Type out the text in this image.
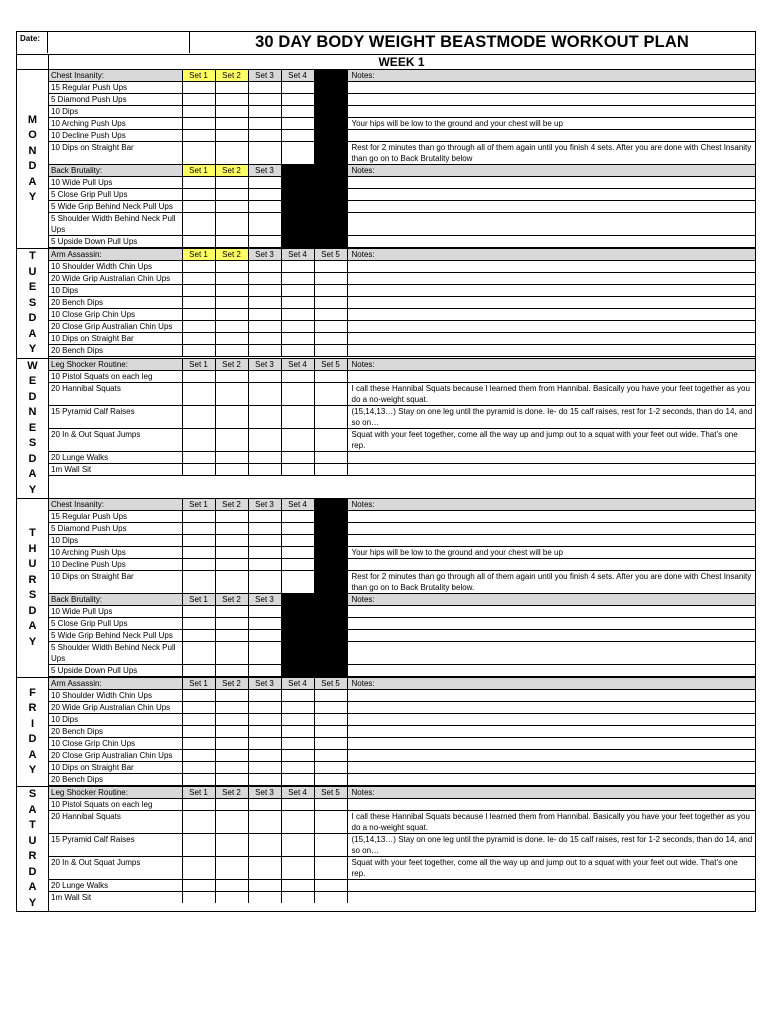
Date:	30 DAY BODY WEIGHT BEASTMODE WORKOUT PLAN
WEEK 1
M
O
N
D
A
Y
Chest Insanity:	Set 1	Set 2	Set 3	Set 4		Notes:
15 Regular Push Ups						
5 Diamond Push Ups						
10 Dips						
10 Arching Push Ups						Your hips will be low to the ground and your chest will be up
10 Decline Push Ups						
10 Dips on Straight Bar						Rest for 2 minutes than go through all of them again until you finish 4 sets. After you are done with Chest Insanity than go on to Back Brutality below
Back Brutality:	Set 1	Set 2	Set 3			Notes:
10 Wide Pull Ups						
5 Close Grip Pull Ups						
5 Wide Grip Behind Neck Pull Ups						
5 Shoulder Width Behind Neck Pull Ups						
5 Upside Down Pull Ups						
T
U
E
S
D
A
Y
Arm Assassin:	Set 1	Set 2	Set 3	Set 4	Set 5	Notes:
10 Shoulder Width Chin Ups						
20 Wide Grip Australian Chin Ups						
10 Dips						
20 Bench Dips						
10 Close Grip Chin Ups						
20 Close Grip Australian Chin Ups						
10 Dips on Straight Bar						
20 Bench Dips						
W
E
D
N
E
S
D
A
Y
Leg Shocker Routine:	Set 1	Set 2	Set 3	Set 4	Set 5	Notes:
10 Pistol Squats on each leg						
20 Hannibal Squats						I call these Hannibal Squats because I learned them from Hannibal. Basically you have your feet together as you do a no-weight squat.
15 Pyramid Calf Raises						(15,14,13…) Stay on one leg until the pyramid is done. Ie- do 15 calf raises, rest for 1-2 seconds, than do 14, and so on…
20 In & Out Squat Jumps						Squat with your feet together, come all the way up and jump out to a squat with your feet out wide. That’s one rep.
20 Lunge Walks						
1m Wall Sit						
T
H
U
R
S
D
A
Y
Chest Insanity:	Set 1	Set 2	Set 3	Set 4		Notes:
15 Regular Push Ups						
5 Diamond Push Ups						
10 Dips						
10 Arching Push Ups						Your hips will be low to the ground and your chest will be up
10 Decline Push Ups						
10 Dips on Straight Bar						Rest for 2 minutes than go through all of them again until you finish 4 sets. After you are done with Chest Insanity than go on to Back Brutality below.
Back Brutality:	Set 1	Set 2	Set 3			Notes:
10 Wide Pull Ups						
5 Close Grip Pull Ups						
5 Wide Grip Behind Neck Pull Ups						
5 Shoulder Width Behind Neck Pull Ups						
5 Upside Down Pull Ups						
F
R
I
D
A
Y
Arm Assassin:	Set 1	Set 2	Set 3	Set 4	Set 5	Notes:
10 Shoulder Width Chin Ups						
20 Wide Grip Australian Chin Ups						
10 Dips						
20 Bench Dips						
10 Close Grip Chin Ups						
20 Close Grip Australian Chin Ups						
10 Dips on Straight Bar						
20 Bench Dips						
S
A
T
U
R
D
A
Y
Leg Shocker Routine:	Set 1	Set 2	Set 3	Set 4	Set 5	Notes:
10 Pistol Squats on each leg						
20 Hannibal Squats						I call these Hannibal Squats because I learned them from Hannibal. Basically you have your feet together as you do a no-weight squat.
15 Pyramid Calf Raises						(15,14,13…) Stay on one leg until the pyramid is done. Ie- do 15 calf raises, rest for 1-2 seconds, than do 14, and so on…
20 In & Out Squat Jumps						Squat with your feet together, come all the way up and jump out to a squat with your feet out wide. That’s one rep.
20 Lunge Walks						
1m Wall Sit						
